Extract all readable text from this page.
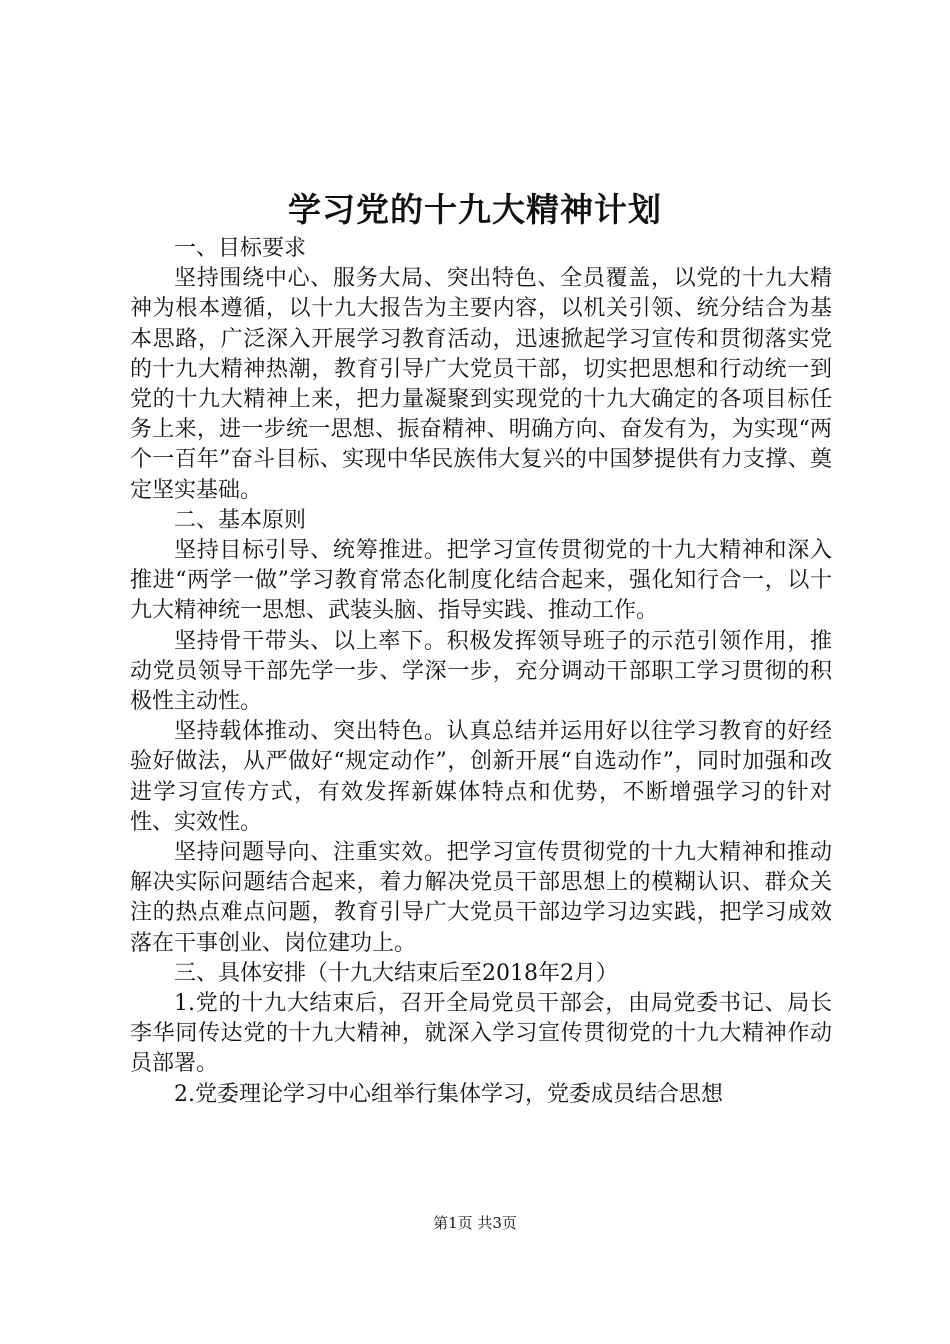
学习党的十九大精神计划

一、目标要求

坚持围绕中心、服务大局、突出特色、全员覆盖，以党的十九大精神为根本遵循，以十九大报告为主要内容，以机关引领、统分结合为基本思路，广泛深入开展学习教育活动，迅速掀起学习宣传和贯彻落实党的十九大精神热潮，教育引导广大党员干部，切实把思想和行动统一到党的十九大精神上来，把力量凝聚到实现党的十九大确定的各项目标任务上来，进一步统一思想、振奋精神、明确方向、奋发有为，为实现“两个一百年”奋斗目标、实现中华民族伟大复兴的中国梦提供有力支撑、奠定坚实基础。

二、基本原则

坚持目标引导、统筹推进。把学习宣传贯彻党的十九大精神和深入推进“两学一做”学习教育常态化制度化结合起来，强化知行合一，以十九大精神统一思想、武装头脑、指导实践、推动工作。

坚持骨干带头、以上率下。积极发挥领导班子的示范引领作用，推动党员领导干部先学一步、学深一步，充分调动干部职工学习贯彻的积极性主动性。

坚持载体推动、突出特色。认真总结并运用好以往学习教育的好经验好做法，从严做好“规定动作”，创新开展“自选动作”，同时加强和改进学习宣传方式，有效发挥新媒体特点和优势，不断增强学习的针对性、实效性。

坚持问题导向、注重实效。把学习宣传贯彻党的十九大精神和推动解决实际问题结合起来，着力解决党员干部思想上的模糊认识、群众关注的热点难点问题，教育引导广大党员干部边学习边实践，把学习成效落在干事创业、岗位建功上。

三、具体安排（十九大结束后至2018年2月）

1.党的十九大结束后，召开全局党员干部会，由局党委书记、局长李华同传达党的十九大精神，就深入学习宣传贯彻党的十九大精神作动员部署。

2.党委理论学习中心组举行集体学习，党委成员结合思想

第1页 共3页
